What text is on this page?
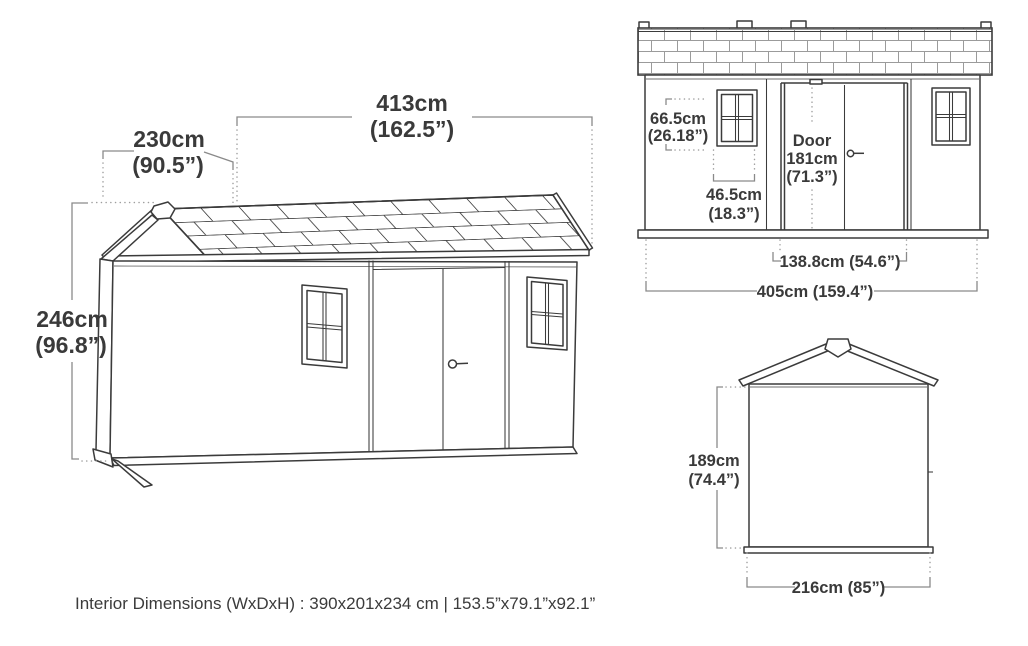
413cm
(162.5”)
230cm
(90.5”)
246cm
(96.8”)
66.5cm
(26.18”)
46.5cm
(18.3”)
Door
181cm
(71.3”)
138.8cm (54.6”)
405cm (159.4”)
189cm
(74.4”)
216cm (85”)
Interior Dimensions (WxDxH) : 390x201x234 cm | 153.5”x79.1”x92.1”
